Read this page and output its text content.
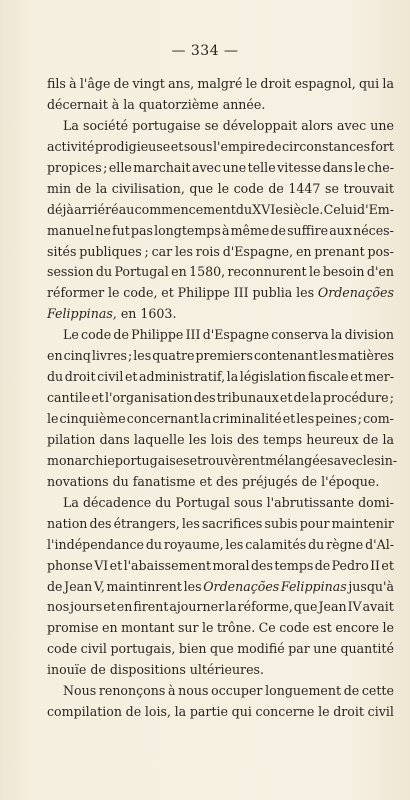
— 334 —
fils à l'âge de vingt ans, malgré le droit espagnol, qui la
décernait à la quatorzième année.
La société portugaise se développait alors avec une
activité prodigieuse et sous l'empire de circonstances fort
propices ; elle marchait avec une telle vitesse dans le che-
min de la civilisation, que le code de 1447 se trouvait
déjà arriéré au commencement du XVIe siècle. Celui d'Em-
manuel ne fut pas longtemps à même de suffire aux néces-
sités publiques ; car les rois d'Espagne, en prenant pos-
session du Portugal en 1580, reconnurent le besoin d'en
réformer le code, et Philippe III publia les Ordenações
Felippinas, en 1603.
Le code de Philippe III d'Espagne conserva la division
en cinq livres ; les quatre premiers contenant les matières
du droit civil et administratif, la législation fiscale et mer-
cantile et l'organisation des tribunaux et de la procédure ;
le cinquième concernant la criminalité et les peines ; com-
pilation dans laquelle les lois des temps heureux de la
monarchie portugaise se trouvèrent mélangées avec les in-
novations du fanatisme et des préjugés de l'époque.
La décadence du Portugal sous l'abrutissante domi-
nation des étrangers, les sacrifices subis pour maintenir
l'indépendance du royaume, les calamités du règne d'Al-
phonse VI et l'abaissement moral des temps de Pedro II et
de Jean V, maintinrent les Ordenações Felippinas jusqu'à
nos jours et en firent ajourner la réforme, que Jean IV avait
promise en montant sur le trône. Ce code est encore le
code civil portugais, bien que modifié par une quantité
inouïe de dispositions ultérieures.
Nous renonçons à nous occuper longuement de cette
compilation de lois, la partie qui concerne le droit civil
